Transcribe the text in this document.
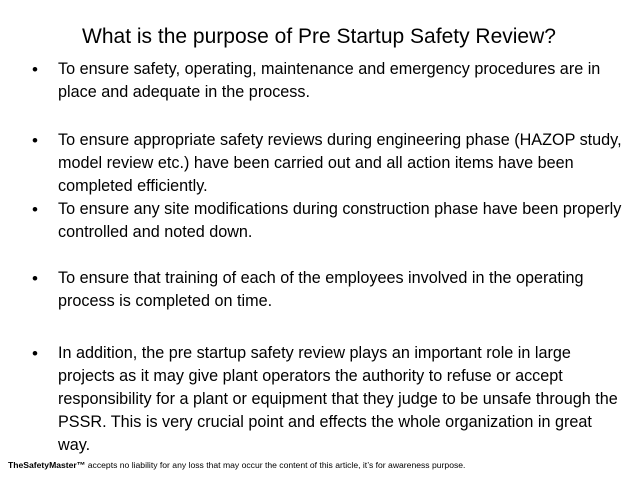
What is the purpose of Pre Startup Safety Review?
• To ensure safety, operating, maintenance and emergency procedures are in place and adequate in the process.

• To ensure appropriate safety reviews during engineering phase (HAZOP study, model review etc.) have been carried out and all action items have been completed efficiently.

• To ensure any site modifications during construction phase have been properly controlled and noted down.

• To ensure that training of each of the employees involved in the operating process is completed on time.

• In addition, the pre startup safety review plays an important role in large projects as it may give plant operators the authority to refuse or accept responsibility for a plant or equipment that they judge to be unsafe through the PSSR. This is very crucial point and effects the whole organization in great way.

TheSafetyMaster™ accepts no liability for any loss that may occur the content of this article, it’s for awareness purpose.
